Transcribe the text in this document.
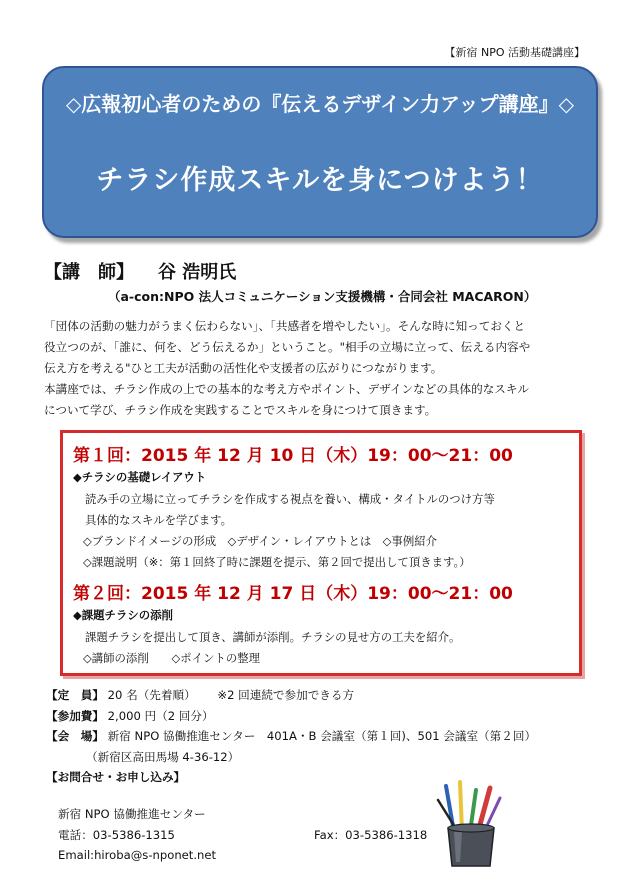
【新宿 NPO 活動基礎講座】
◇広報初心者のための『伝えるデザイン力アップ講座』◇
チラシ作成スキルを身につけよう！
【講　師】 谷 浩明氏
（a-con:NPO 法人コミュニケーション支援機構・合同会社 MACARON）
「団体の活動の魅力がうまく伝わらない」、「共感者を増やしたい」。そんな時に知っておくと
役立つのが、「誰に、何を、どう伝えるか」ということ。"相手の立場に立って、伝える内容や
伝え方を考える"ひと工夫が活動の活性化や支援者の広がりにつながります。
本講座では、チラシ作成の上での基本的な考え方やポイント、デザインなどの具体的なスキル
について学び、チラシ作成を実践することでスキルを身につけて頂きます。
第１回：2015 年 12 月 10 日（木）19：00～21：00
◆チラシの基礎レイアウト
読み手の立場に立ってチラシを作成する視点を養い、構成・タイトルのつけ方等
具体的なスキルを学びます。
◇ブランドイメージの形成　◇デザイン・レイアウトとは　◇事例紹介
◇課題説明（※：第１回終了時に課題を提示、第２回で提出して頂きます。）
第２回：2015 年 12 月 17 日（木）19：00～21：00
◆課題チラシの添削
課題チラシを提出して頂き、講師が添削。チラシの見せ方の工夫を紹介。
◇講師の添削　　◇ポイントの整理
【定　員】 20 名（先着順） ※2 回連続で参加できる方
【参加費】 2,000 円（2 回分）
【会　場】 新宿 NPO 協働推進センター　401A・B 会議室（第１回)、501 会議室（第２回）
（新宿区高田馬場 4-36-12）
【お問合せ・お申し込み】
新宿 NPO 協働推進センター
電話：03-5386-1315	Fax：03-5386-1318
Email:hiroba@s-nponet.net
